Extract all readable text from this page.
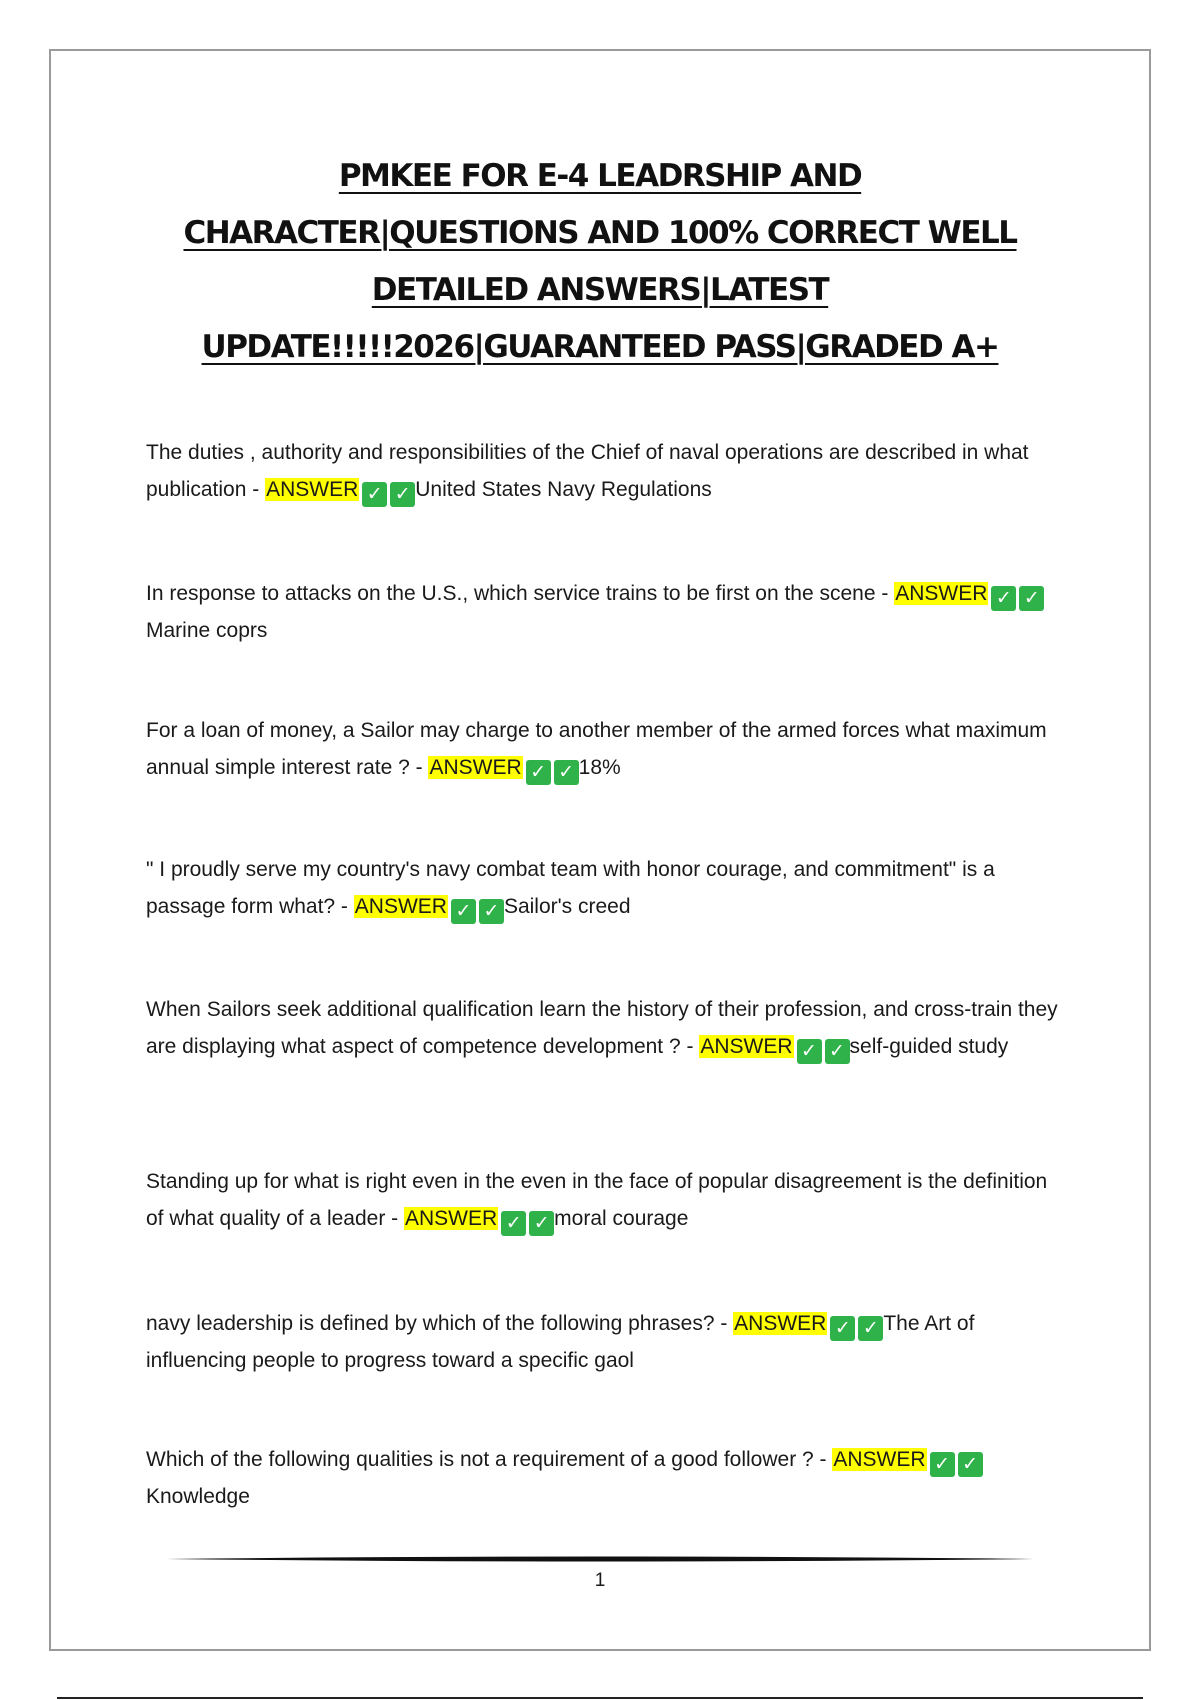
PMKEE FOR E-4 LEADRSHIP AND
CHARACTER|QUESTIONS AND 100% CORRECT WELL
DETAILED ANSWERS|LATEST
UPDATE!!!!!2026|GUARANTEED PASS|GRADED A+
The duties , authority and responsibilities of the Chief of naval operations are described in what publication - ANSWER ✓ ✓ United States Navy Regulations
In response to attacks on the U.S., which service trains to be first on the scene - ANSWER ✓ ✓Marine coprs
For a loan of money, a Sailor may charge to another member of the armed forces what maximum annual simple interest rate ? - ANSWER ✓ ✓ 18%
" I proudly serve my country's navy combat team with honor courage, and commitment" is a passage form what? - ANSWER ✓ ✓ Sailor's creed
When Sailors seek additional qualification learn the history of their profession, and cross-train they are displaying what aspect of competence development ? - ANSWER ✓ ✓ self-guided study
Standing up for what is right even in the even in the face of popular disagreement is the definition of what quality of a leader - ANSWER ✓ ✓ moral courage
navy leadership is defined by which of the following phrases? - ANSWER ✓ ✓ The Art of influencing people to progress toward a specific gaol
Which of the following qualities is not a requirement of a good follower ? - ANSWER ✓ ✓Knowledge
1
